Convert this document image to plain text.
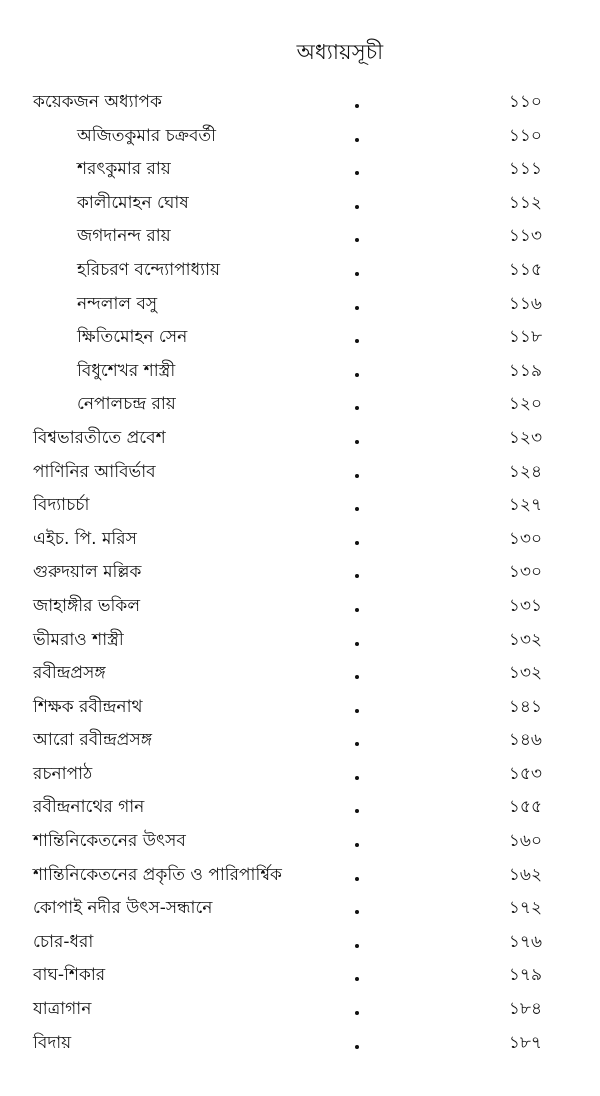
অধ্যায়সূচী
কয়েকজন অধ্যাপক	১১০
অজিতকুমার চক্রবর্তী	১১০
শরৎকুমার রায়	১১১
কালীমোহন ঘোষ	১১২
জগদানন্দ রায়	১১৩
হরিচরণ বন্দ্যোপাধ্যায়	১১৫
নন্দলাল বসু	১১৬
ক্ষিতিমোহন সেন	১১৮
বিধুশেখর শাস্ত্রী	১১৯
নেপালচন্দ্র রায়	১২০
বিশ্বভারতীতে প্রবেশ	১২৩
পাণিনির আবির্ভাব	১২৪
বিদ্যাচর্চা	১২৭
এইচ. পি. মরিস	১৩০
গুরুদয়াল মল্লিক	১৩০
জাহাঙ্গীর ভকিল	১৩১
ভীমরাও শাস্ত্রী	১৩২
রবীন্দ্রপ্রসঙ্গ	১৩২
শিক্ষক রবীন্দ্রনাথ	১৪১
আরো রবীন্দ্রপ্রসঙ্গ	১৪৬
রচনাপাঠ	১৫৩
রবীন্দ্রনাথের গান	১৫৫
শান্তিনিকেতনের উৎসব	১৬০
শান্তিনিকেতনের প্রকৃতি ও পারিপার্শ্বিক	১৬২
কোপাই নদীর উৎস-সন্ধানে	১৭২
চোর-ধরা	১৭৬
বাঘ-শিকার	১৭৯
যাত্রাগান	১৮৪
বিদায়	১৮৭
